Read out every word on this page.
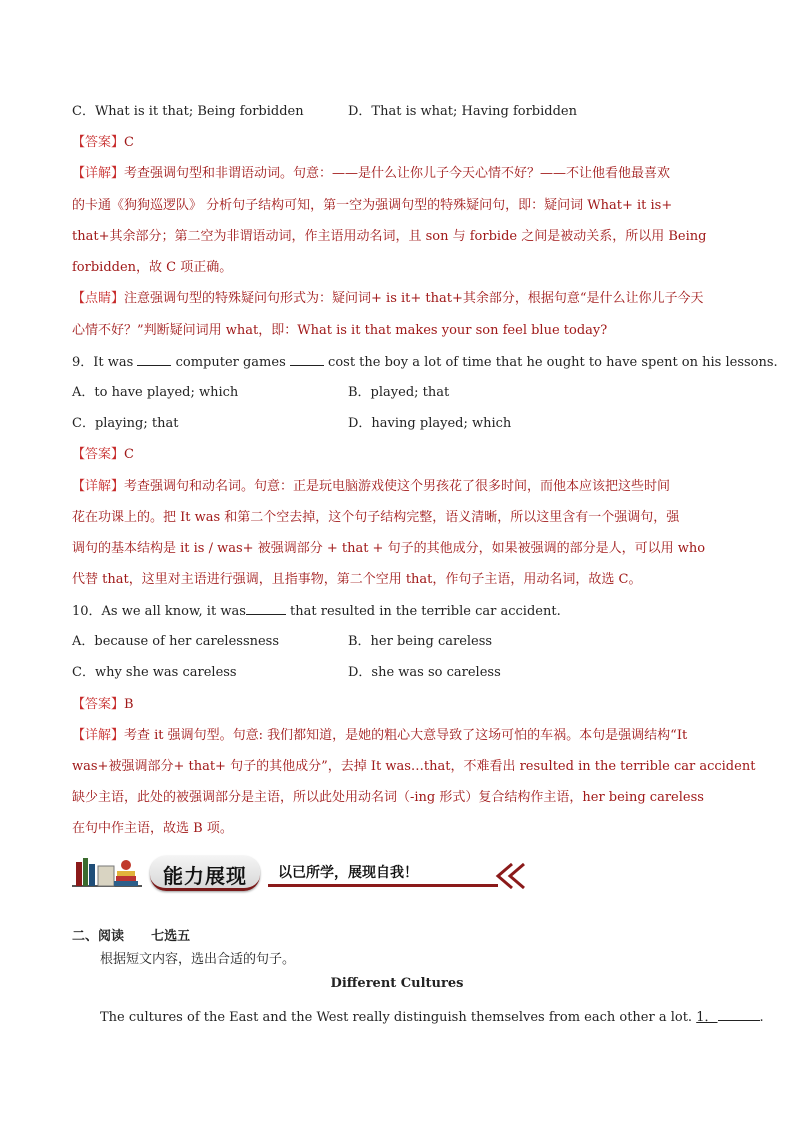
C．What is it that; Being forbidden	D．That is what; Having forbidden
【答案】C
【详解】考查强调句型和非谓语动词。句意：——是什么让你儿子今天心情不好？——不让他看他最喜欢
的卡通《狗狗巡逻队》 分析句子结构可知，第一空为强调句型的特殊疑问句，即：疑问词 What+ it is+
that+其余部分；第二空为非谓语动词，作主语用动名词，且 son 与 forbide 之间是被动关系，所以用 Being
forbidden，故 C 项正确。
【点睛】注意强调句型的特殊疑问句形式为：疑问词+ is it+ that+其余部分，根据句意“是什么让你儿子今天
心情不好？”判断疑问词用 what，即：What is it that makes your son feel blue today?
9．It was	computer games	cost the boy a lot of time that he ought to have spent on his lessons.
A．to have played; which	B．played; that
C．playing; that	D．having played; which
【答案】C
【详解】考查强调句和动名词。句意：正是玩电脑游戏使这个男孩花了很多时间，而他本应该把这些时间
花在功课上的。把 It was 和第二个空去掉，这个句子结构完整，语义清晰，所以这里含有一个强调句，强
调句的基本结构是 it is / was+ 被强调部分 + that + 句子的其他成分，如果被强调的部分是人，可以用 who
代替 that，这里对主语进行强调，且指事物，第二个空用 that，作句子主语，用动名词，故选 C。
10．As we all know, it was	that resulted in the terrible car accident.
A．because of her carelessness	B．her being careless
C．why she was careless	D．she was so careless
【答案】B
【详解】考查 it 强调句型。句意: 我们都知道，是她的粗心大意导致了这场可怕的车祸。本句是强调结构“It
was+被强调部分+ that+ 句子的其他成分”，去掉 It was…that，不难看出 resulted in the terrible car accident
缺少主语，此处的被强调部分是主语，所以此处用动名词（-ing 形式）复合结构作主语，her being careless
在句中作主语，故选 B 项。
能力展现	以已所学，展现自我！
二、阅读      七选五
根据短文内容，选出合适的句子。
Different Cultures
The cultures of the East and the West really distinguish themselves from each other a lot. 1．	.
